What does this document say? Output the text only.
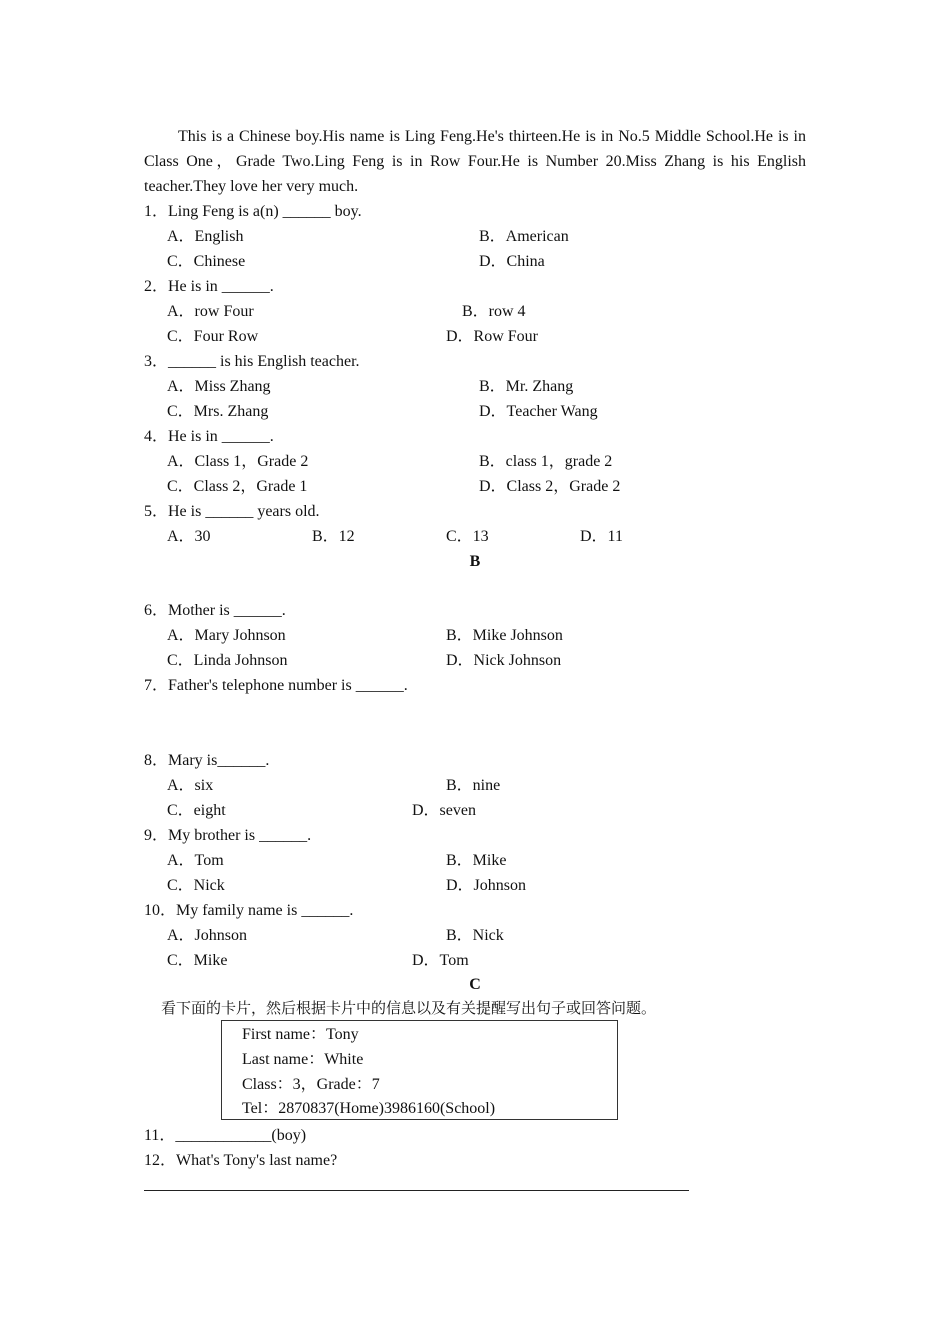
This is a Chinese boy.His name is Ling Feng.He's thirteen.He is in No.5 Middle School.He is in Class One，Grade Two.Ling Feng is in Row Four.He is Number 20.Miss Zhang is his English teacher.They love her very much.
1．Ling Feng is a(n) ______ boy.
A．English	B．American
C．Chinese	D．China
2．He is in ______.
A．row Four	B．row 4
C．Four Row	D．Row Four
3．______ is his English teacher.
A．Miss Zhang	B．Mr. Zhang
C．Mrs. Zhang	D．Teacher Wang
4．He is in ______.
A．Class 1，Grade 2	B．class 1，grade 2
C．Class 2，Grade 1	D．Class 2，Grade 2
5．He is ______ years old.
A．30	B．12	C．13	D．11
B
6．Mother is ______.
A．Mary Johnson	B．Mike Johnson
C．Linda Johnson	D．Nick Johnson
7．Father's telephone number is ______.
8．Mary is______.
A．six	B．nine
C．eight	D．seven
9．My brother is ______.
A．Tom	B．Mike
C．Nick	D．Johnson
10．My family name is ______.
A．Johnson	B．Nick
C．Mike	D．Tom
C
看下面的卡片，然后根据卡片中的信息以及有关提醒写出句子或回答问题。
First name：Tony
Last name：White
Class：3，Grade：7
Tel：2870837(Home)3986160(School)
11．____________(boy)
12．What's Tony's last name?
